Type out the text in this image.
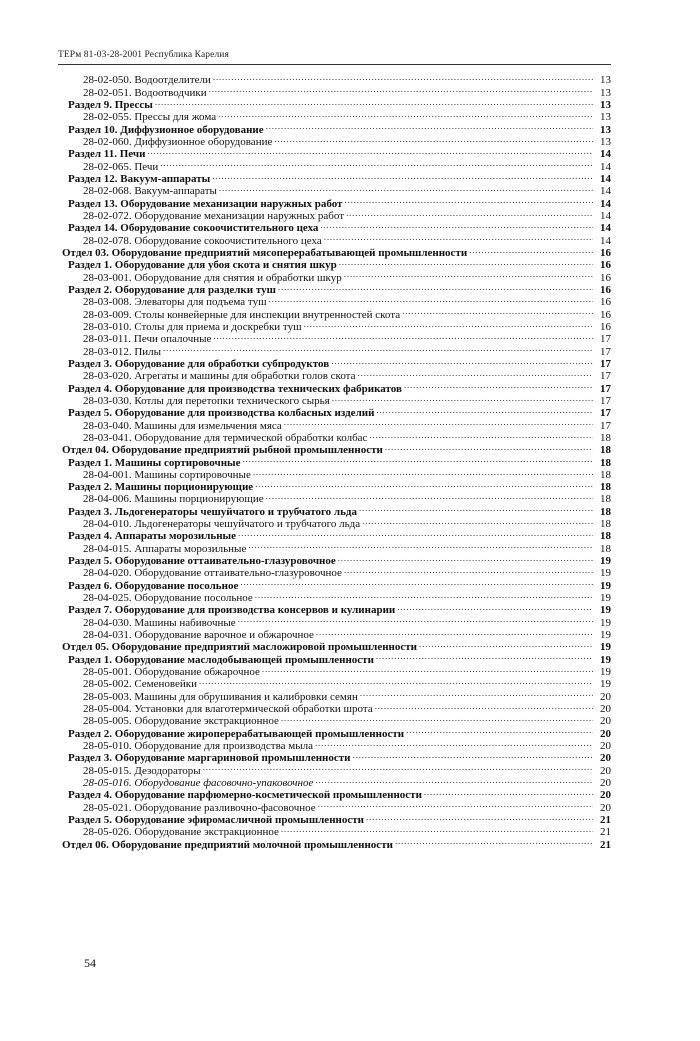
ТЕРм 81-03-28-2001 Республика Карелия
28-02-050. Водоотделители .....	13
28-02-051. Водоотводчики .....	13
Раздел 9. Прессы .....	13
28-02-055. Прессы для жома .....	13
Раздел 10. Диффузионное оборудование .....	13
28-02-060. Диффузионное оборудование .....	13
Раздел 11. Печи .....	14
28-02-065. Печи .....	14
Раздел 12. Вакуум-аппараты .....	14
28-02-068. Вакуум-аппараты .....	14
Раздел 13. Оборудование механизации наружных работ .....	14
28-02-072. Оборудование механизации наружных работ .....	14
Раздел 14. Оборудование сокоочистительного цеха .....	14
28-02-078. Оборудование сокоочистительного цеха .....	14
Отдел 03. Оборудование предприятий мясоперерабатывающей промышленности .....	16
Раздел 1. Оборудование для убоя скота и снятия шкур .....	16
28-03-001. Оборудование для снятия и обработки шкур .....	16
Раздел 2. Оборудование для разделки туш .....	16
28-03-008. Элеваторы для подъема туш .....	16
28-03-009. Столы конвейерные для инспекции внутренностей скота .....	16
28-03-010. Столы для приема и доскребки туш .....	16
28-03-011. Печи опалочные .....	17
28-03-012. Пилы .....	17
Раздел 3. Оборудование для обработки субпродуктов .....	17
28-03-020. Агрегаты и машины для обработки голов скота .....	17
Раздел 4. Оборудование для производства технических фабрикатов .....	17
28-03-030. Котлы для перетопки технического сырья .....	17
Раздел 5. Оборудование для производства колбасных изделий .....	17
28-03-040. Машины для измельчения мяса .....	17
28-03-041. Оборудование для термической обработки колбас .....	18
Отдел 04. Оборудование предприятий рыбной промышленности .....	18
Раздел 1. Машины сортировочные .....	18
28-04-001. Машины сортировочные .....	18
Раздел 2. Машины порционирующие .....	18
28-04-006. Машины порционирующие .....	18
Раздел 3. Льдогенераторы чешуйчатого и трубчатого льда .....	18
28-04-010. Льдогенераторы чешуйчатого и трубчатого льда .....	18
Раздел 4. Аппараты морозильные .....	18
28-04-015. Аппараты морозильные .....	18
Раздел 5. Оборудование оттаивательно-глазуровочное .....	19
28-04-020. Оборудование оттаивательно-глазуровочное .....	19
Раздел 6. Оборудование посольное .....	19
28-04-025. Оборудование посольное .....	19
Раздел 7. Оборудование для производства консервов и кулинарии .....	19
28-04-030. Машины набивочные .....	19
28-04-031. Оборудование варочное и обжарочное .....	19
Отдел 05. Оборудование предприятий масложировой промышленности .....	19
Раздел 1. Оборудование маслодобывающей промышленности .....	19
28-05-001. Оборудование обжарочное .....	19
28-05-002. Семеновейки .....	19
28-05-003. Машины для обрушивания и калибровки семян .....	20
28-05-004. Установки для влаготермической обработки шрота .....	20
28-05-005. Оборудование экстракционное .....	20
Раздел 2. Оборудование жироперерабатывающей промышленности .....	20
28-05-010. Оборудование для производства мыла .....	20
Раздел 3. Оборудование маргариновой промышленности .....	20
28-05-015. Дезодораторы .....	20
28-05-016. Оборудование фасовочно-упаковочное .....	20
Раздел 4. Оборудование парфюмерно-косметической промышленности .....	20
28-05-021. Оборудование разливочно-фасовочное .....	20
Раздел 5. Оборудование эфиромасличной промышленности .....	21
28-05-026. Оборудование экстракционное .....	21
Отдел 06. Оборудование предприятий молочной промышленности .....	21
54
